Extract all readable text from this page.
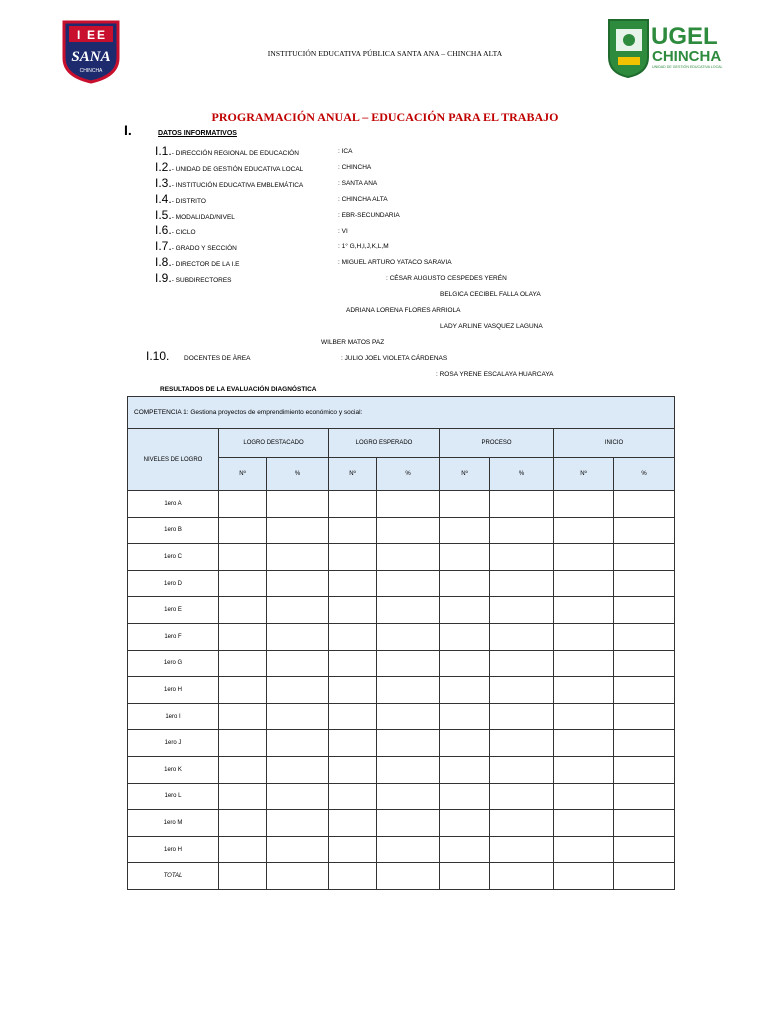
I E E
SANA
CHINCHA
INSTITUCIÓN EDUCATIVA PÚBLICA SANTA ANA – CHINCHA ALTA
UGEL
CHINCHA
UNIDAD DE GESTIÓN EDUCATIVA LOCAL
PROGRAMACIÓN ANUAL – EDUCACIÓN PARA EL TRABAJO
I.	DATOS INFORMATIVOS
I.1.- DIRECCIÓN REGIONAL DE EDUCACIÓN	: ICA
I.2.- UNIDAD DE GESTIÓN EDUCATIVA LOCAL	: CHINCHA
I.3.- INSTITUCIÓN EDUCATIVA EMBLEMÁTICA	: SANTA ANA
I.4.- DISTRITO	: CHINCHA ALTA
I.5.- MODALIDAD/NIVEL	: EBR-SECUNDARIA
I.6.- CICLO	: VI
I.7.- GRADO Y SECCIÓN	: 1° G,H,I,J,K,L,M
I.8.- DIRECTOR DE LA I.E	: MIGUEL ARTURO YATACO SARAVIA
I.9.- SUBDIRECTORES	: CÉSAR AUGUSTO CESPEDES YERÉN
BELGICA CECIBEL FALLA OLAYA
ADRIANA LORENA FLORES ARRIOLA
LADY ARLINE VASQUEZ LAGUNA
WILBER MATOS PAZ
I.10. DOCENTES DE ÀREA	: JULIO JOEL VIOLETA CÁRDENAS
: ROSA YRENE ESCALAYA HUARCAYA
RESULTADOS DE LA EVALUACIÓN DIAGNÓSTICA
COMPETENCIA 1: Gestiona proyectos de emprendimiento económico y social:								
NIVELES DE LOGRO	LOGRO DESTACADO		LOGRO ESPERADO		PROCESO		INICIO	
	Nº	%	Nº	%	Nº	%	Nº	%
1ero A								
1ero B								
1ero C								
1ero D								
1ero E								
1ero F								
1ero G								
1ero H								
1ero I								
1ero J								
1ero K								
1ero L								
1ero M								
1ero H								
TOTAL								
